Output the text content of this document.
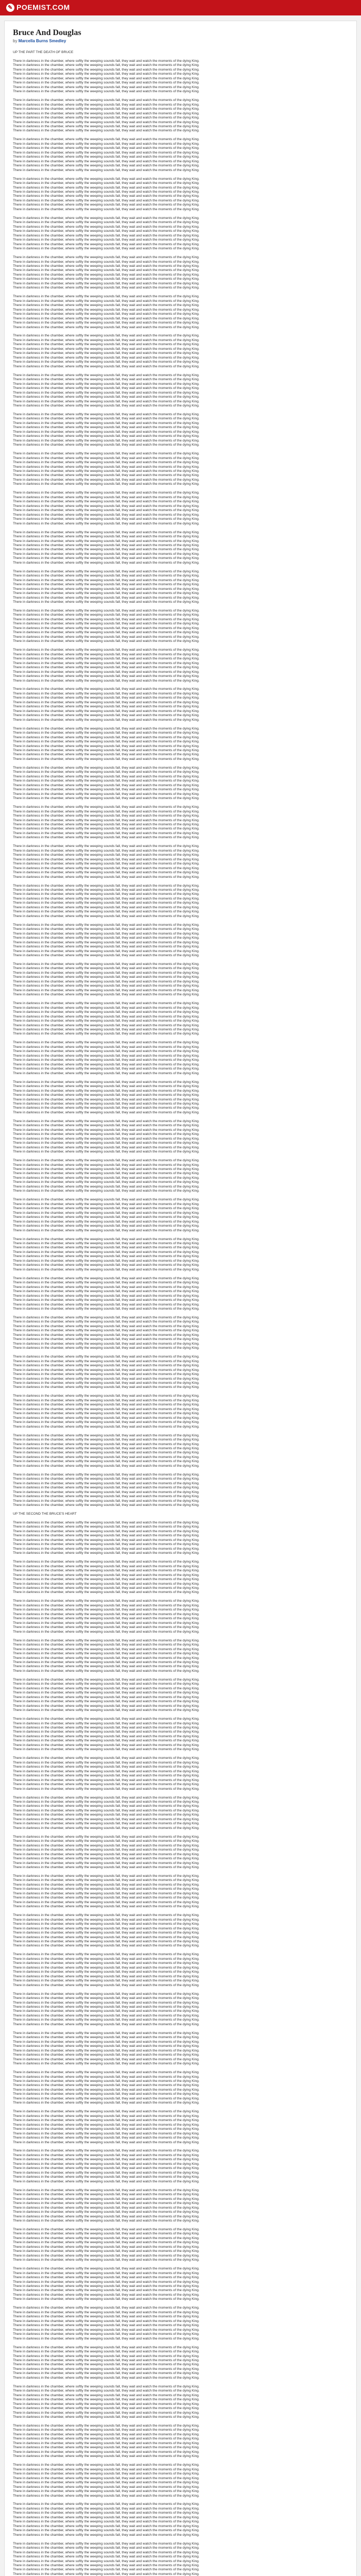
✎ POEMIST.COM
Bruce And Douglas
by Marcella Burns Smedley
UP THE PART THE DEATH OF BRUCE
There in darkness in the chamber, where softly the weeping sounds fall, they wait and watch the moments of the dying King.
There in darkness in the chamber, where softly the weeping sounds fall, they wait and watch the moments of the dying King.
There in darkness in the chamber, where softly the weeping sounds fall, they wait and watch the moments of the dying King.
There in darkness in the chamber, where softly the weeping sounds fall, they wait and watch the moments of the dying King.
There in darkness in the chamber, where softly the weeping sounds fall, they wait and watch the moments of the dying King.
There in darkness in the chamber, where softly the weeping sounds fall, they wait and watch the moments of the dying King.
There in darkness in the chamber, where softly the weeping sounds fall, they wait and watch the moments of the dying King.
There in darkness in the chamber, where softly the weeping sounds fall, they wait and watch the moments of the dying King.
There in darkness in the chamber, where softly the weeping sounds fall, they wait and watch the moments of the dying King.
There in darkness in the chamber, where softly the weeping sounds fall, they wait and watch the moments of the dying King.
There in darkness in the chamber, where softly the weeping sounds fall, they wait and watch the moments of the dying King.
There in darkness in the chamber, where softly the weeping sounds fall, they wait and watch the moments of the dying King.
There in darkness in the chamber, where softly the weeping sounds fall, they wait and watch the moments of the dying King.
There in darkness in the chamber, where softly the weeping sounds fall, they wait and watch the moments of the dying King.
There in darkness in the chamber, where softly the weeping sounds fall, they wait and watch the moments of the dying King.
There in darkness in the chamber, where softly the weeping sounds fall, they wait and watch the moments of the dying King.
There in darkness in the chamber, where softly the weeping sounds fall, they wait and watch the moments of the dying King.
There in darkness in the chamber, where softly the weeping sounds fall, they wait and watch the moments of the dying King.
There in darkness in the chamber, where softly the weeping sounds fall, they wait and watch the moments of the dying King.
There in darkness in the chamber, where softly the weeping sounds fall, they wait and watch the moments of the dying King.
There in darkness in the chamber, where softly the weeping sounds fall, they wait and watch the moments of the dying King.
There in darkness in the chamber, where softly the weeping sounds fall, they wait and watch the moments of the dying King.
There in darkness in the chamber, where softly the weeping sounds fall, they wait and watch the moments of the dying King.
There in darkness in the chamber, where softly the weeping sounds fall, they wait and watch the moments of the dying King.
There in darkness in the chamber, where softly the weeping sounds fall, they wait and watch the moments of the dying King.
There in darkness in the chamber, where softly the weeping sounds fall, they wait and watch the moments of the dying King.
There in darkness in the chamber, where softly the weeping sounds fall, they wait and watch the moments of the dying King.
There in darkness in the chamber, where softly the weeping sounds fall, they wait and watch the moments of the dying King.
There in darkness in the chamber, where softly the weeping sounds fall, they wait and watch the moments of the dying King.
There in darkness in the chamber, where softly the weeping sounds fall, they wait and watch the moments of the dying King.
There in darkness in the chamber, where softly the weeping sounds fall, they wait and watch the moments of the dying King.
There in darkness in the chamber, where softly the weeping sounds fall, they wait and watch the moments of the dying King.
There in darkness in the chamber, where softly the weeping sounds fall, they wait and watch the moments of the dying King.
There in darkness in the chamber, where softly the weeping sounds fall, they wait and watch the moments of the dying King.
There in darkness in the chamber, where softly the weeping sounds fall, they wait and watch the moments of the dying King.
There in darkness in the chamber, where softly the weeping sounds fall, they wait and watch the moments of the dying King.
There in darkness in the chamber, where softly the weeping sounds fall, they wait and watch the moments of the dying King.
There in darkness in the chamber, where softly the weeping sounds fall, they wait and watch the moments of the dying King.
There in darkness in the chamber, where softly the weeping sounds fall, they wait and watch the moments of the dying King.
There in darkness in the chamber, where softly the weeping sounds fall, they wait and watch the moments of the dying King.
There in darkness in the chamber, where softly the weeping sounds fall, they wait and watch the moments of the dying King.
There in darkness in the chamber, where softly the weeping sounds fall, they wait and watch the moments of the dying King.
There in darkness in the chamber, where softly the weeping sounds fall, they wait and watch the moments of the dying King.
There in darkness in the chamber, where softly the weeping sounds fall, they wait and watch the moments of the dying King.
There in darkness in the chamber, where softly the weeping sounds fall, they wait and watch the moments of the dying King.
There in darkness in the chamber, where softly the weeping sounds fall, they wait and watch the moments of the dying King.
There in darkness in the chamber, where softly the weeping sounds fall, they wait and watch the moments of the dying King.
There in darkness in the chamber, where softly the weeping sounds fall, they wait and watch the moments of the dying King.
There in darkness in the chamber, where softly the weeping sounds fall, they wait and watch the moments of the dying King.
There in darkness in the chamber, where softly the weeping sounds fall, they wait and watch the moments of the dying King.
There in darkness in the chamber, where softly the weeping sounds fall, they wait and watch the moments of the dying King.
There in darkness in the chamber, where softly the weeping sounds fall, they wait and watch the moments of the dying King.
There in darkness in the chamber, where softly the weeping sounds fall, they wait and watch the moments of the dying King.
There in darkness in the chamber, where softly the weeping sounds fall, they wait and watch the moments of the dying King.
There in darkness in the chamber, where softly the weeping sounds fall, they wait and watch the moments of the dying King.
There in darkness in the chamber, where softly the weeping sounds fall, they wait and watch the moments of the dying King.
There in darkness in the chamber, where softly the weeping sounds fall, they wait and watch the moments of the dying King.
There in darkness in the chamber, where softly the weeping sounds fall, they wait and watch the moments of the dying King.
There in darkness in the chamber, where softly the weeping sounds fall, they wait and watch the moments of the dying King.
There in darkness in the chamber, where softly the weeping sounds fall, they wait and watch the moments of the dying King.
There in darkness in the chamber, where softly the weeping sounds fall, they wait and watch the moments of the dying King.
There in darkness in the chamber, where softly the weeping sounds fall, they wait and watch the moments of the dying King.
There in darkness in the chamber, where softly the weeping sounds fall, they wait and watch the moments of the dying King.
There in darkness in the chamber, where softly the weeping sounds fall, they wait and watch the moments of the dying King.
There in darkness in the chamber, where softly the weeping sounds fall, they wait and watch the moments of the dying King.
There in darkness in the chamber, where softly the weeping sounds fall, they wait and watch the moments of the dying King.
There in darkness in the chamber, where softly the weeping sounds fall, they wait and watch the moments of the dying King.
There in darkness in the chamber, where softly the weeping sounds fall, they wait and watch the moments of the dying King.
There in darkness in the chamber, where softly the weeping sounds fall, they wait and watch the moments of the dying King.
There in darkness in the chamber, where softly the weeping sounds fall, they wait and watch the moments of the dying King.
There in darkness in the chamber, where softly the weeping sounds fall, they wait and watch the moments of the dying King.
There in darkness in the chamber, where softly the weeping sounds fall, they wait and watch the moments of the dying King.
There in darkness in the chamber, where softly the weeping sounds fall, they wait and watch the moments of the dying King.
There in darkness in the chamber, where softly the weeping sounds fall, they wait and watch the moments of the dying King.
There in darkness in the chamber, where softly the weeping sounds fall, they wait and watch the moments of the dying King.
There in darkness in the chamber, where softly the weeping sounds fall, they wait and watch the moments of the dying King.
There in darkness in the chamber, where softly the weeping sounds fall, they wait and watch the moments of the dying King.
There in darkness in the chamber, where softly the weeping sounds fall, they wait and watch the moments of the dying King.
There in darkness in the chamber, where softly the weeping sounds fall, they wait and watch the moments of the dying King.
There in darkness in the chamber, where softly the weeping sounds fall, they wait and watch the moments of the dying King.
There in darkness in the chamber, where softly the weeping sounds fall, they wait and watch the moments of the dying King.
There in darkness in the chamber, where softly the weeping sounds fall, they wait and watch the moments of the dying King.
There in darkness in the chamber, where softly the weeping sounds fall, they wait and watch the moments of the dying King.
There in darkness in the chamber, where softly the weeping sounds fall, they wait and watch the moments of the dying King.
There in darkness in the chamber, where softly the weeping sounds fall, they wait and watch the moments of the dying King.
There in darkness in the chamber, where softly the weeping sounds fall, they wait and watch the moments of the dying King.
There in darkness in the chamber, where softly the weeping sounds fall, they wait and watch the moments of the dying King.
There in darkness in the chamber, where softly the weeping sounds fall, they wait and watch the moments of the dying King.
There in darkness in the chamber, where softly the weeping sounds fall, they wait and watch the moments of the dying King.
There in darkness in the chamber, where softly the weeping sounds fall, they wait and watch the moments of the dying King.
There in darkness in the chamber, where softly the weeping sounds fall, they wait and watch the moments of the dying King.
There in darkness in the chamber, where softly the weeping sounds fall, they wait and watch the moments of the dying King.
There in darkness in the chamber, where softly the weeping sounds fall, they wait and watch the moments of the dying King.
There in darkness in the chamber, where softly the weeping sounds fall, they wait and watch the moments of the dying King.
There in darkness in the chamber, where softly the weeping sounds fall, they wait and watch the moments of the dying King.
There in darkness in the chamber, where softly the weeping sounds fall, they wait and watch the moments of the dying King.
There in darkness in the chamber, where softly the weeping sounds fall, they wait and watch the moments of the dying King.
There in darkness in the chamber, where softly the weeping sounds fall, they wait and watch the moments of the dying King.
There in darkness in the chamber, where softly the weeping sounds fall, they wait and watch the moments of the dying King.
There in darkness in the chamber, where softly the weeping sounds fall, they wait and watch the moments of the dying King.
There in darkness in the chamber, where softly the weeping sounds fall, they wait and watch the moments of the dying King.
There in darkness in the chamber, where softly the weeping sounds fall, they wait and watch the moments of the dying King.
There in darkness in the chamber, where softly the weeping sounds fall, they wait and watch the moments of the dying King.
There in darkness in the chamber, where softly the weeping sounds fall, they wait and watch the moments of the dying King.
There in darkness in the chamber, where softly the weeping sounds fall, they wait and watch the moments of the dying King.
There in darkness in the chamber, where softly the weeping sounds fall, they wait and watch the moments of the dying King.
There in darkness in the chamber, where softly the weeping sounds fall, they wait and watch the moments of the dying King.
There in darkness in the chamber, where softly the weeping sounds fall, they wait and watch the moments of the dying King.
There in darkness in the chamber, where softly the weeping sounds fall, they wait and watch the moments of the dying King.
There in darkness in the chamber, where softly the weeping sounds fall, they wait and watch the moments of the dying King.
There in darkness in the chamber, where softly the weeping sounds fall, they wait and watch the moments of the dying King.
There in darkness in the chamber, where softly the weeping sounds fall, they wait and watch the moments of the dying King.
There in darkness in the chamber, where softly the weeping sounds fall, they wait and watch the moments of the dying King.
There in darkness in the chamber, where softly the weeping sounds fall, they wait and watch the moments of the dying King.
There in darkness in the chamber, where softly the weeping sounds fall, they wait and watch the moments of the dying King.
There in darkness in the chamber, where softly the weeping sounds fall, they wait and watch the moments of the dying King.
There in darkness in the chamber, where softly the weeping sounds fall, they wait and watch the moments of the dying King.
There in darkness in the chamber, where softly the weeping sounds fall, they wait and watch the moments of the dying King.
There in darkness in the chamber, where softly the weeping sounds fall, they wait and watch the moments of the dying King.
There in darkness in the chamber, where softly the weeping sounds fall, they wait and watch the moments of the dying King.
There in darkness in the chamber, where softly the weeping sounds fall, they wait and watch the moments of the dying King.
There in darkness in the chamber, where softly the weeping sounds fall, they wait and watch the moments of the dying King.
There in darkness in the chamber, where softly the weeping sounds fall, they wait and watch the moments of the dying King.
There in darkness in the chamber, where softly the weeping sounds fall, they wait and watch the moments of the dying King.
There in darkness in the chamber, where softly the weeping sounds fall, they wait and watch the moments of the dying King.
There in darkness in the chamber, where softly the weeping sounds fall, they wait and watch the moments of the dying King.
There in darkness in the chamber, where softly the weeping sounds fall, they wait and watch the moments of the dying King.
There in darkness in the chamber, where softly the weeping sounds fall, they wait and watch the moments of the dying King.
There in darkness in the chamber, where softly the weeping sounds fall, they wait and watch the moments of the dying King.
There in darkness in the chamber, where softly the weeping sounds fall, they wait and watch the moments of the dying King.
There in darkness in the chamber, where softly the weeping sounds fall, they wait and watch the moments of the dying King.
There in darkness in the chamber, where softly the weeping sounds fall, they wait and watch the moments of the dying King.
There in darkness in the chamber, where softly the weeping sounds fall, they wait and watch the moments of the dying King.
There in darkness in the chamber, where softly the weeping sounds fall, they wait and watch the moments of the dying King.
There in darkness in the chamber, where softly the weeping sounds fall, they wait and watch the moments of the dying King.
There in darkness in the chamber, where softly the weeping sounds fall, they wait and watch the moments of the dying King.
There in darkness in the chamber, where softly the weeping sounds fall, they wait and watch the moments of the dying King.
There in darkness in the chamber, where softly the weeping sounds fall, they wait and watch the moments of the dying King.
There in darkness in the chamber, where softly the weeping sounds fall, they wait and watch the moments of the dying King.
There in darkness in the chamber, where softly the weeping sounds fall, they wait and watch the moments of the dying King.
There in darkness in the chamber, where softly the weeping sounds fall, they wait and watch the moments of the dying King.
There in darkness in the chamber, where softly the weeping sounds fall, they wait and watch the moments of the dying King.
There in darkness in the chamber, where softly the weeping sounds fall, they wait and watch the moments of the dying King.
There in darkness in the chamber, where softly the weeping sounds fall, they wait and watch the moments of the dying King.
There in darkness in the chamber, where softly the weeping sounds fall, they wait and watch the moments of the dying King.
There in darkness in the chamber, where softly the weeping sounds fall, they wait and watch the moments of the dying King.
There in darkness in the chamber, where softly the weeping sounds fall, they wait and watch the moments of the dying King.
There in darkness in the chamber, where softly the weeping sounds fall, they wait and watch the moments of the dying King.
There in darkness in the chamber, where softly the weeping sounds fall, they wait and watch the moments of the dying King.
There in darkness in the chamber, where softly the weeping sounds fall, they wait and watch the moments of the dying King.
There in darkness in the chamber, where softly the weeping sounds fall, they wait and watch the moments of the dying King.
There in darkness in the chamber, where softly the weeping sounds fall, they wait and watch the moments of the dying King.
There in darkness in the chamber, where softly the weeping sounds fall, they wait and watch the moments of the dying King.
There in darkness in the chamber, where softly the weeping sounds fall, they wait and watch the moments of the dying King.
There in darkness in the chamber, where softly the weeping sounds fall, they wait and watch the moments of the dying King.
There in darkness in the chamber, where softly the weeping sounds fall, they wait and watch the moments of the dying King.
There in darkness in the chamber, where softly the weeping sounds fall, they wait and watch the moments of the dying King.
There in darkness in the chamber, where softly the weeping sounds fall, they wait and watch the moments of the dying King.
There in darkness in the chamber, where softly the weeping sounds fall, they wait and watch the moments of the dying King.
There in darkness in the chamber, where softly the weeping sounds fall, they wait and watch the moments of the dying King.
There in darkness in the chamber, where softly the weeping sounds fall, they wait and watch the moments of the dying King.
There in darkness in the chamber, where softly the weeping sounds fall, they wait and watch the moments of the dying King.
There in darkness in the chamber, where softly the weeping sounds fall, they wait and watch the moments of the dying King.
There in darkness in the chamber, where softly the weeping sounds fall, they wait and watch the moments of the dying King.
There in darkness in the chamber, where softly the weeping sounds fall, they wait and watch the moments of the dying King.
There in darkness in the chamber, where softly the weeping sounds fall, they wait and watch the moments of the dying King.
There in darkness in the chamber, where softly the weeping sounds fall, they wait and watch the moments of the dying King.
There in darkness in the chamber, where softly the weeping sounds fall, they wait and watch the moments of the dying King.
There in darkness in the chamber, where softly the weeping sounds fall, they wait and watch the moments of the dying King.
There in darkness in the chamber, where softly the weeping sounds fall, they wait and watch the moments of the dying King.
There in darkness in the chamber, where softly the weeping sounds fall, they wait and watch the moments of the dying King.
There in darkness in the chamber, where softly the weeping sounds fall, they wait and watch the moments of the dying King.
There in darkness in the chamber, where softly the weeping sounds fall, they wait and watch the moments of the dying King.
There in darkness in the chamber, where softly the weeping sounds fall, they wait and watch the moments of the dying King.
There in darkness in the chamber, where softly the weeping sounds fall, they wait and watch the moments of the dying King.
There in darkness in the chamber, where softly the weeping sounds fall, they wait and watch the moments of the dying King.
There in darkness in the chamber, where softly the weeping sounds fall, they wait and watch the moments of the dying King.
There in darkness in the chamber, where softly the weeping sounds fall, they wait and watch the moments of the dying King.
There in darkness in the chamber, where softly the weeping sounds fall, they wait and watch the moments of the dying King.
There in darkness in the chamber, where softly the weeping sounds fall, they wait and watch the moments of the dying King.
There in darkness in the chamber, where softly the weeping sounds fall, they wait and watch the moments of the dying King.
There in darkness in the chamber, where softly the weeping sounds fall, they wait and watch the moments of the dying King.
There in darkness in the chamber, where softly the weeping sounds fall, they wait and watch the moments of the dying King.
There in darkness in the chamber, where softly the weeping sounds fall, they wait and watch the moments of the dying King.
There in darkness in the chamber, where softly the weeping sounds fall, they wait and watch the moments of the dying King.
There in darkness in the chamber, where softly the weeping sounds fall, they wait and watch the moments of the dying King.
There in darkness in the chamber, where softly the weeping sounds fall, they wait and watch the moments of the dying King.
There in darkness in the chamber, where softly the weeping sounds fall, they wait and watch the moments of the dying King.
There in darkness in the chamber, where softly the weeping sounds fall, they wait and watch the moments of the dying King.
There in darkness in the chamber, where softly the weeping sounds fall, they wait and watch the moments of the dying King.
There in darkness in the chamber, where softly the weeping sounds fall, they wait and watch the moments of the dying King.
There in darkness in the chamber, where softly the weeping sounds fall, they wait and watch the moments of the dying King.
There in darkness in the chamber, where softly the weeping sounds fall, they wait and watch the moments of the dying King.
There in darkness in the chamber, where softly the weeping sounds fall, they wait and watch the moments of the dying King.
There in darkness in the chamber, where softly the weeping sounds fall, they wait and watch the moments of the dying King.
There in darkness in the chamber, where softly the weeping sounds fall, they wait and watch the moments of the dying King.
There in darkness in the chamber, where softly the weeping sounds fall, they wait and watch the moments of the dying King.
There in darkness in the chamber, where softly the weeping sounds fall, they wait and watch the moments of the dying King.
There in darkness in the chamber, where softly the weeping sounds fall, they wait and watch the moments of the dying King.
There in darkness in the chamber, where softly the weeping sounds fall, they wait and watch the moments of the dying King.
There in darkness in the chamber, where softly the weeping sounds fall, they wait and watch the moments of the dying King.
There in darkness in the chamber, where softly the weeping sounds fall, they wait and watch the moments of the dying King.
There in darkness in the chamber, where softly the weeping sounds fall, they wait and watch the moments of the dying King.
There in darkness in the chamber, where softly the weeping sounds fall, they wait and watch the moments of the dying King.
There in darkness in the chamber, where softly the weeping sounds fall, they wait and watch the moments of the dying King.
There in darkness in the chamber, where softly the weeping sounds fall, they wait and watch the moments of the dying King.
There in darkness in the chamber, where softly the weeping sounds fall, they wait and watch the moments of the dying King.
There in darkness in the chamber, where softly the weeping sounds fall, they wait and watch the moments of the dying King.
There in darkness in the chamber, where softly the weeping sounds fall, they wait and watch the moments of the dying King.
There in darkness in the chamber, where softly the weeping sounds fall, they wait and watch the moments of the dying King.
There in darkness in the chamber, where softly the weeping sounds fall, they wait and watch the moments of the dying King.
There in darkness in the chamber, where softly the weeping sounds fall, they wait and watch the moments of the dying King.
There in darkness in the chamber, where softly the weeping sounds fall, they wait and watch the moments of the dying King.
There in darkness in the chamber, where softly the weeping sounds fall, they wait and watch the moments of the dying King.
There in darkness in the chamber, where softly the weeping sounds fall, they wait and watch the moments of the dying King.
There in darkness in the chamber, where softly the weeping sounds fall, they wait and watch the moments of the dying King.
There in darkness in the chamber, where softly the weeping sounds fall, they wait and watch the moments of the dying King.
There in darkness in the chamber, where softly the weeping sounds fall, they wait and watch the moments of the dying King.
There in darkness in the chamber, where softly the weeping sounds fall, they wait and watch the moments of the dying King.
There in darkness in the chamber, where softly the weeping sounds fall, they wait and watch the moments of the dying King.
There in darkness in the chamber, where softly the weeping sounds fall, they wait and watch the moments of the dying King.
There in darkness in the chamber, where softly the weeping sounds fall, they wait and watch the moments of the dying King.
There in darkness in the chamber, where softly the weeping sounds fall, they wait and watch the moments of the dying King.
There in darkness in the chamber, where softly the weeping sounds fall, they wait and watch the moments of the dying King.
There in darkness in the chamber, where softly the weeping sounds fall, they wait and watch the moments of the dying King.
There in darkness in the chamber, where softly the weeping sounds fall, they wait and watch the moments of the dying King.
There in darkness in the chamber, where softly the weeping sounds fall, they wait and watch the moments of the dying King.
There in darkness in the chamber, where softly the weeping sounds fall, they wait and watch the moments of the dying King.
There in darkness in the chamber, where softly the weeping sounds fall, they wait and watch the moments of the dying King.
There in darkness in the chamber, where softly the weeping sounds fall, they wait and watch the moments of the dying King.
There in darkness in the chamber, where softly the weeping sounds fall, they wait and watch the moments of the dying King.
There in darkness in the chamber, where softly the weeping sounds fall, they wait and watch the moments of the dying King.
There in darkness in the chamber, where softly the weeping sounds fall, they wait and watch the moments of the dying King.
There in darkness in the chamber, where softly the weeping sounds fall, they wait and watch the moments of the dying King.
There in darkness in the chamber, where softly the weeping sounds fall, they wait and watch the moments of the dying King.
There in darkness in the chamber, where softly the weeping sounds fall, they wait and watch the moments of the dying King.
There in darkness in the chamber, where softly the weeping sounds fall, they wait and watch the moments of the dying King.
There in darkness in the chamber, where softly the weeping sounds fall, they wait and watch the moments of the dying King.
There in darkness in the chamber, where softly the weeping sounds fall, they wait and watch the moments of the dying King.
There in darkness in the chamber, where softly the weeping sounds fall, they wait and watch the moments of the dying King.
There in darkness in the chamber, where softly the weeping sounds fall, they wait and watch the moments of the dying King.
There in darkness in the chamber, where softly the weeping sounds fall, they wait and watch the moments of the dying King.
There in darkness in the chamber, where softly the weeping sounds fall, they wait and watch the moments of the dying King.
There in darkness in the chamber, where softly the weeping sounds fall, they wait and watch the moments of the dying King.
There in darkness in the chamber, where softly the weeping sounds fall, they wait and watch the moments of the dying King.
There in darkness in the chamber, where softly the weeping sounds fall, they wait and watch the moments of the dying King.
There in darkness in the chamber, where softly the weeping sounds fall, they wait and watch the moments of the dying King.
There in darkness in the chamber, where softly the weeping sounds fall, they wait and watch the moments of the dying King.
There in darkness in the chamber, where softly the weeping sounds fall, they wait and watch the moments of the dying King.
There in darkness in the chamber, where softly the weeping sounds fall, they wait and watch the moments of the dying King.
There in darkness in the chamber, where softly the weeping sounds fall, they wait and watch the moments of the dying King.
There in darkness in the chamber, where softly the weeping sounds fall, they wait and watch the moments of the dying King.
There in darkness in the chamber, where softly the weeping sounds fall, they wait and watch the moments of the dying King.
There in darkness in the chamber, where softly the weeping sounds fall, they wait and watch the moments of the dying King.
There in darkness in the chamber, where softly the weeping sounds fall, they wait and watch the moments of the dying King.
There in darkness in the chamber, where softly the weeping sounds fall, they wait and watch the moments of the dying King.
There in darkness in the chamber, where softly the weeping sounds fall, they wait and watch the moments of the dying King.
There in darkness in the chamber, where softly the weeping sounds fall, they wait and watch the moments of the dying King.
There in darkness in the chamber, where softly the weeping sounds fall, they wait and watch the moments of the dying King.
There in darkness in the chamber, where softly the weeping sounds fall, they wait and watch the moments of the dying King.
There in darkness in the chamber, where softly the weeping sounds fall, they wait and watch the moments of the dying King.
There in darkness in the chamber, where softly the weeping sounds fall, they wait and watch the moments of the dying King.
There in darkness in the chamber, where softly the weeping sounds fall, they wait and watch the moments of the dying King.
There in darkness in the chamber, where softly the weeping sounds fall, they wait and watch the moments of the dying King.
There in darkness in the chamber, where softly the weeping sounds fall, they wait and watch the moments of the dying King.
There in darkness in the chamber, where softly the weeping sounds fall, they wait and watch the moments of the dying King.
There in darkness in the chamber, where softly the weeping sounds fall, they wait and watch the moments of the dying King.
There in darkness in the chamber, where softly the weeping sounds fall, they wait and watch the moments of the dying King.
There in darkness in the chamber, where softly the weeping sounds fall, they wait and watch the moments of the dying King.
There in darkness in the chamber, where softly the weeping sounds fall, they wait and watch the moments of the dying King.
There in darkness in the chamber, where softly the weeping sounds fall, they wait and watch the moments of the dying King.
There in darkness in the chamber, where softly the weeping sounds fall, they wait and watch the moments of the dying King.
There in darkness in the chamber, where softly the weeping sounds fall, they wait and watch the moments of the dying King.
There in darkness in the chamber, where softly the weeping sounds fall, they wait and watch the moments of the dying King.
There in darkness in the chamber, where softly the weeping sounds fall, they wait and watch the moments of the dying King.
There in darkness in the chamber, where softly the weeping sounds fall, they wait and watch the moments of the dying King.
There in darkness in the chamber, where softly the weeping sounds fall, they wait and watch the moments of the dying King.
There in darkness in the chamber, where softly the weeping sounds fall, they wait and watch the moments of the dying King.
There in darkness in the chamber, where softly the weeping sounds fall, they wait and watch the moments of the dying King.
There in darkness in the chamber, where softly the weeping sounds fall, they wait and watch the moments of the dying King.
There in darkness in the chamber, where softly the weeping sounds fall, they wait and watch the moments of the dying King.
There in darkness in the chamber, where softly the weeping sounds fall, they wait and watch the moments of the dying King.
There in darkness in the chamber, where softly the weeping sounds fall, they wait and watch the moments of the dying King.
There in darkness in the chamber, where softly the weeping sounds fall, they wait and watch the moments of the dying King.
There in darkness in the chamber, where softly the weeping sounds fall, they wait and watch the moments of the dying King.
There in darkness in the chamber, where softly the weeping sounds fall, they wait and watch the moments of the dying King.
There in darkness in the chamber, where softly the weeping sounds fall, they wait and watch the moments of the dying King.
There in darkness in the chamber, where softly the weeping sounds fall, they wait and watch the moments of the dying King.
There in darkness in the chamber, where softly the weeping sounds fall, they wait and watch the moments of the dying King.
There in darkness in the chamber, where softly the weeping sounds fall, they wait and watch the moments of the dying King.
There in darkness in the chamber, where softly the weeping sounds fall, they wait and watch the moments of the dying King.
There in darkness in the chamber, where softly the weeping sounds fall, they wait and watch the moments of the dying King.
There in darkness in the chamber, where softly the weeping sounds fall, they wait and watch the moments of the dying King.
There in darkness in the chamber, where softly the weeping sounds fall, they wait and watch the moments of the dying King.
There in darkness in the chamber, where softly the weeping sounds fall, they wait and watch the moments of the dying King.
There in darkness in the chamber, where softly the weeping sounds fall, they wait and watch the moments of the dying King.
UP THE SECOND THE BRUCE'S HEART
There in darkness in the chamber, where softly the weeping sounds fall, they wait and watch the moments of the dying King.
There in darkness in the chamber, where softly the weeping sounds fall, they wait and watch the moments of the dying King.
There in darkness in the chamber, where softly the weeping sounds fall, they wait and watch the moments of the dying King.
There in darkness in the chamber, where softly the weeping sounds fall, they wait and watch the moments of the dying King.
There in darkness in the chamber, where softly the weeping sounds fall, they wait and watch the moments of the dying King.
There in darkness in the chamber, where softly the weeping sounds fall, they wait and watch the moments of the dying King.
There in darkness in the chamber, where softly the weeping sounds fall, they wait and watch the moments of the dying King.
There in darkness in the chamber, where softly the weeping sounds fall, they wait and watch the moments of the dying King.
There in darkness in the chamber, where softly the weeping sounds fall, they wait and watch the moments of the dying King.
There in darkness in the chamber, where softly the weeping sounds fall, they wait and watch the moments of the dying King.
There in darkness in the chamber, where softly the weeping sounds fall, they wait and watch the moments of the dying King.
There in darkness in the chamber, where softly the weeping sounds fall, they wait and watch the moments of the dying King.
There in darkness in the chamber, where softly the weeping sounds fall, they wait and watch the moments of the dying King.
There in darkness in the chamber, where softly the weeping sounds fall, they wait and watch the moments of the dying King.
There in darkness in the chamber, where softly the weeping sounds fall, they wait and watch the moments of the dying King.
There in darkness in the chamber, where softly the weeping sounds fall, they wait and watch the moments of the dying King.
There in darkness in the chamber, where softly the weeping sounds fall, they wait and watch the moments of the dying King.
There in darkness in the chamber, where softly the weeping sounds fall, they wait and watch the moments of the dying King.
There in darkness in the chamber, where softly the weeping sounds fall, they wait and watch the moments of the dying King.
There in darkness in the chamber, where softly the weeping sounds fall, they wait and watch the moments of the dying King.
There in darkness in the chamber, where softly the weeping sounds fall, they wait and watch the moments of the dying King.
There in darkness in the chamber, where softly the weeping sounds fall, they wait and watch the moments of the dying King.
There in darkness in the chamber, where softly the weeping sounds fall, they wait and watch the moments of the dying King.
There in darkness in the chamber, where softly the weeping sounds fall, they wait and watch the moments of the dying King.
There in darkness in the chamber, where softly the weeping sounds fall, they wait and watch the moments of the dying King.
There in darkness in the chamber, where softly the weeping sounds fall, they wait and watch the moments of the dying King.
There in darkness in the chamber, where softly the weeping sounds fall, they wait and watch the moments of the dying King.
There in darkness in the chamber, where softly the weeping sounds fall, they wait and watch the moments of the dying King.
There in darkness in the chamber, where softly the weeping sounds fall, they wait and watch the moments of the dying King.
There in darkness in the chamber, where softly the weeping sounds fall, they wait and watch the moments of the dying King.
There in darkness in the chamber, where softly the weeping sounds fall, they wait and watch the moments of the dying King.
There in darkness in the chamber, where softly the weeping sounds fall, they wait and watch the moments of the dying King.
There in darkness in the chamber, where softly the weeping sounds fall, they wait and watch the moments of the dying King.
There in darkness in the chamber, where softly the weeping sounds fall, they wait and watch the moments of the dying King.
There in darkness in the chamber, where softly the weeping sounds fall, they wait and watch the moments of the dying King.
There in darkness in the chamber, where softly the weeping sounds fall, they wait and watch the moments of the dying King.
There in darkness in the chamber, where softly the weeping sounds fall, they wait and watch the moments of the dying King.
There in darkness in the chamber, where softly the weeping sounds fall, they wait and watch the moments of the dying King.
There in darkness in the chamber, where softly the weeping sounds fall, they wait and watch the moments of the dying King.
There in darkness in the chamber, where softly the weeping sounds fall, they wait and watch the moments of the dying King.
There in darkness in the chamber, where softly the weeping sounds fall, they wait and watch the moments of the dying King.
There in darkness in the chamber, where softly the weeping sounds fall, they wait and watch the moments of the dying King.
There in darkness in the chamber, where softly the weeping sounds fall, they wait and watch the moments of the dying King.
There in darkness in the chamber, where softly the weeping sounds fall, they wait and watch the moments of the dying King.
There in darkness in the chamber, where softly the weeping sounds fall, they wait and watch the moments of the dying King.
There in darkness in the chamber, where softly the weeping sounds fall, they wait and watch the moments of the dying King.
There in darkness in the chamber, where softly the weeping sounds fall, they wait and watch the moments of the dying King.
There in darkness in the chamber, where softly the weeping sounds fall, they wait and watch the moments of the dying King.
There in darkness in the chamber, where softly the weeping sounds fall, they wait and watch the moments of the dying King.
There in darkness in the chamber, where softly the weeping sounds fall, they wait and watch the moments of the dying King.
There in darkness in the chamber, where softly the weeping sounds fall, they wait and watch the moments of the dying King.
There in darkness in the chamber, where softly the weeping sounds fall, they wait and watch the moments of the dying King.
There in darkness in the chamber, where softly the weeping sounds fall, they wait and watch the moments of the dying King.
There in darkness in the chamber, where softly the weeping sounds fall, they wait and watch the moments of the dying King.
There in darkness in the chamber, where softly the weeping sounds fall, they wait and watch the moments of the dying King.
There in darkness in the chamber, where softly the weeping sounds fall, they wait and watch the moments of the dying King.
There in darkness in the chamber, where softly the weeping sounds fall, they wait and watch the moments of the dying King.
There in darkness in the chamber, where softly the weeping sounds fall, they wait and watch the moments of the dying King.
There in darkness in the chamber, where softly the weeping sounds fall, they wait and watch the moments of the dying King.
There in darkness in the chamber, where softly the weeping sounds fall, they wait and watch the moments of the dying King.
There in darkness in the chamber, where softly the weeping sounds fall, they wait and watch the moments of the dying King.
There in darkness in the chamber, where softly the weeping sounds fall, they wait and watch the moments of the dying King.
There in darkness in the chamber, where softly the weeping sounds fall, they wait and watch the moments of the dying King.
There in darkness in the chamber, where softly the weeping sounds fall, they wait and watch the moments of the dying King.
There in darkness in the chamber, where softly the weeping sounds fall, they wait and watch the moments of the dying King.
There in darkness in the chamber, where softly the weeping sounds fall, they wait and watch the moments of the dying King.
There in darkness in the chamber, where softly the weeping sounds fall, they wait and watch the moments of the dying King.
There in darkness in the chamber, where softly the weeping sounds fall, they wait and watch the moments of the dying King.
There in darkness in the chamber, where softly the weeping sounds fall, they wait and watch the moments of the dying King.
There in darkness in the chamber, where softly the weeping sounds fall, they wait and watch the moments of the dying King.
There in darkness in the chamber, where softly the weeping sounds fall, they wait and watch the moments of the dying King.
There in darkness in the chamber, where softly the weeping sounds fall, they wait and watch the moments of the dying King.
There in darkness in the chamber, where softly the weeping sounds fall, they wait and watch the moments of the dying King.
There in darkness in the chamber, where softly the weeping sounds fall, they wait and watch the moments of the dying King.
There in darkness in the chamber, where softly the weeping sounds fall, they wait and watch the moments of the dying King.
There in darkness in the chamber, where softly the weeping sounds fall, they wait and watch the moments of the dying King.
There in darkness in the chamber, where softly the weeping sounds fall, they wait and watch the moments of the dying King.
There in darkness in the chamber, where softly the weeping sounds fall, they wait and watch the moments of the dying King.
There in darkness in the chamber, where softly the weeping sounds fall, they wait and watch the moments of the dying King.
There in darkness in the chamber, where softly the weeping sounds fall, they wait and watch the moments of the dying King.
There in darkness in the chamber, where softly the weeping sounds fall, they wait and watch the moments of the dying King.
There in darkness in the chamber, where softly the weeping sounds fall, they wait and watch the moments of the dying King.
There in darkness in the chamber, where softly the weeping sounds fall, they wait and watch the moments of the dying King.
There in darkness in the chamber, where softly the weeping sounds fall, they wait and watch the moments of the dying King.
There in darkness in the chamber, where softly the weeping sounds fall, they wait and watch the moments of the dying King.
There in darkness in the chamber, where softly the weeping sounds fall, they wait and watch the moments of the dying King.
There in darkness in the chamber, where softly the weeping sounds fall, they wait and watch the moments of the dying King.
There in darkness in the chamber, where softly the weeping sounds fall, they wait and watch the moments of the dying King.
There in darkness in the chamber, where softly the weeping sounds fall, they wait and watch the moments of the dying King.
There in darkness in the chamber, where softly the weeping sounds fall, they wait and watch the moments of the dying King.
There in darkness in the chamber, where softly the weeping sounds fall, they wait and watch the moments of the dying King.
There in darkness in the chamber, where softly the weeping sounds fall, they wait and watch the moments of the dying King.
There in darkness in the chamber, where softly the weeping sounds fall, they wait and watch the moments of the dying King.
There in darkness in the chamber, where softly the weeping sounds fall, they wait and watch the moments of the dying King.
There in darkness in the chamber, where softly the weeping sounds fall, they wait and watch the moments of the dying King.
There in darkness in the chamber, where softly the weeping sounds fall, they wait and watch the moments of the dying King.
There in darkness in the chamber, where softly the weeping sounds fall, they wait and watch the moments of the dying King.
There in darkness in the chamber, where softly the weeping sounds fall, they wait and watch the moments of the dying King.
There in darkness in the chamber, where softly the weeping sounds fall, they wait and watch the moments of the dying King.
There in darkness in the chamber, where softly the weeping sounds fall, they wait and watch the moments of the dying King.
There in darkness in the chamber, where softly the weeping sounds fall, they wait and watch the moments of the dying King.
There in darkness in the chamber, where softly the weeping sounds fall, they wait and watch the moments of the dying King.
There in darkness in the chamber, where softly the weeping sounds fall, they wait and watch the moments of the dying King.
There in darkness in the chamber, where softly the weeping sounds fall, they wait and watch the moments of the dying King.
There in darkness in the chamber, where softly the weeping sounds fall, they wait and watch the moments of the dying King.
There in darkness in the chamber, where softly the weeping sounds fall, they wait and watch the moments of the dying King.
There in darkness in the chamber, where softly the weeping sounds fall, they wait and watch the moments of the dying King.
There in darkness in the chamber, where softly the weeping sounds fall, they wait and watch the moments of the dying King.
There in darkness in the chamber, where softly the weeping sounds fall, they wait and watch the moments of the dying King.
There in darkness in the chamber, where softly the weeping sounds fall, they wait and watch the moments of the dying King.
There in darkness in the chamber, where softly the weeping sounds fall, they wait and watch the moments of the dying King.
There in darkness in the chamber, where softly the weeping sounds fall, they wait and watch the moments of the dying King.
There in darkness in the chamber, where softly the weeping sounds fall, they wait and watch the moments of the dying King.
There in darkness in the chamber, where softly the weeping sounds fall, they wait and watch the moments of the dying King.
There in darkness in the chamber, where softly the weeping sounds fall, they wait and watch the moments of the dying King.
There in darkness in the chamber, where softly the weeping sounds fall, they wait and watch the moments of the dying King.
There in darkness in the chamber, where softly the weeping sounds fall, they wait and watch the moments of the dying King.
There in darkness in the chamber, where softly the weeping sounds fall, they wait and watch the moments of the dying King.
There in darkness in the chamber, where softly the weeping sounds fall, they wait and watch the moments of the dying King.
There in darkness in the chamber, where softly the weeping sounds fall, they wait and watch the moments of the dying King.
There in darkness in the chamber, where softly the weeping sounds fall, they wait and watch the moments of the dying King.
There in darkness in the chamber, where softly the weeping sounds fall, they wait and watch the moments of the dying King.
There in darkness in the chamber, where softly the weeping sounds fall, they wait and watch the moments of the dying King.
There in darkness in the chamber, where softly the weeping sounds fall, they wait and watch the moments of the dying King.
There in darkness in the chamber, where softly the weeping sounds fall, they wait and watch the moments of the dying King.
There in darkness in the chamber, where softly the weeping sounds fall, they wait and watch the moments of the dying King.
There in darkness in the chamber, where softly the weeping sounds fall, they wait and watch the moments of the dying King.
There in darkness in the chamber, where softly the weeping sounds fall, they wait and watch the moments of the dying King.
There in darkness in the chamber, where softly the weeping sounds fall, they wait and watch the moments of the dying King.
There in darkness in the chamber, where softly the weeping sounds fall, they wait and watch the moments of the dying King.
There in darkness in the chamber, where softly the weeping sounds fall, they wait and watch the moments of the dying King.
There in darkness in the chamber, where softly the weeping sounds fall, they wait and watch the moments of the dying King.
There in darkness in the chamber, where softly the weeping sounds fall, they wait and watch the moments of the dying King.
There in darkness in the chamber, where softly the weeping sounds fall, they wait and watch the moments of the dying King.
There in darkness in the chamber, where softly the weeping sounds fall, they wait and watch the moments of the dying King.
There in darkness in the chamber, where softly the weeping sounds fall, they wait and watch the moments of the dying King.
There in darkness in the chamber, where softly the weeping sounds fall, they wait and watch the moments of the dying King.
There in darkness in the chamber, where softly the weeping sounds fall, they wait and watch the moments of the dying King.
There in darkness in the chamber, where softly the weeping sounds fall, they wait and watch the moments of the dying King.
There in darkness in the chamber, where softly the weeping sounds fall, they wait and watch the moments of the dying King.
There in darkness in the chamber, where softly the weeping sounds fall, they wait and watch the moments of the dying King.
There in darkness in the chamber, where softly the weeping sounds fall, they wait and watch the moments of the dying King.
There in darkness in the chamber, where softly the weeping sounds fall, they wait and watch the moments of the dying King.
There in darkness in the chamber, where softly the weeping sounds fall, they wait and watch the moments of the dying King.
There in darkness in the chamber, where softly the weeping sounds fall, they wait and watch the moments of the dying King.
There in darkness in the chamber, where softly the weeping sounds fall, they wait and watch the moments of the dying King.
There in darkness in the chamber, where softly the weeping sounds fall, they wait and watch the moments of the dying King.
There in darkness in the chamber, where softly the weeping sounds fall, they wait and watch the moments of the dying King.
There in darkness in the chamber, where softly the weeping sounds fall, they wait and watch the moments of the dying King.
There in darkness in the chamber, where softly the weeping sounds fall, they wait and watch the moments of the dying King.
There in darkness in the chamber, where softly the weeping sounds fall, they wait and watch the moments of the dying King.
There in darkness in the chamber, where softly the weeping sounds fall, they wait and watch the moments of the dying King.
There in darkness in the chamber, where softly the weeping sounds fall, they wait and watch the moments of the dying King.
There in darkness in the chamber, where softly the weeping sounds fall, they wait and watch the moments of the dying King.
There in darkness in the chamber, where softly the weeping sounds fall, they wait and watch the moments of the dying King.
There in darkness in the chamber, where softly the weeping sounds fall, they wait and watch the moments of the dying King.
There in darkness in the chamber, where softly the weeping sounds fall, they wait and watch the moments of the dying King.
There in darkness in the chamber, where softly the weeping sounds fall, they wait and watch the moments of the dying King.
There in darkness in the chamber, where softly the weeping sounds fall, they wait and watch the moments of the dying King.
There in darkness in the chamber, where softly the weeping sounds fall, they wait and watch the moments of the dying King.
There in darkness in the chamber, where softly the weeping sounds fall, they wait and watch the moments of the dying King.
There in darkness in the chamber, where softly the weeping sounds fall, they wait and watch the moments of the dying King.
There in darkness in the chamber, where softly the weeping sounds fall, they wait and watch the moments of the dying King.
There in darkness in the chamber, where softly the weeping sounds fall, they wait and watch the moments of the dying King.
There in darkness in the chamber, where softly the weeping sounds fall, they wait and watch the moments of the dying King.
There in darkness in the chamber, where softly the weeping sounds fall, they wait and watch the moments of the dying King.
There in darkness in the chamber, where softly the weeping sounds fall, they wait and watch the moments of the dying King.
There in darkness in the chamber, where softly the weeping sounds fall, they wait and watch the moments of the dying King.
There in darkness in the chamber, where softly the weeping sounds fall, they wait and watch the moments of the dying King.
There in darkness in the chamber, where softly the weeping sounds fall, they wait and watch the moments of the dying King.
There in darkness in the chamber, where softly the weeping sounds fall, they wait and watch the moments of the dying King.
There in darkness in the chamber, where softly the weeping sounds fall, they wait and watch the moments of the dying King.
There in darkness in the chamber, where softly the weeping sounds fall, they wait and watch the moments of the dying King.
There in darkness in the chamber, where softly the weeping sounds fall, they wait and watch the moments of the dying King.
There in darkness in the chamber, where softly the weeping sounds fall, they wait and watch the moments of the dying King.
There in darkness in the chamber, where softly the weeping sounds fall, they wait and watch the moments of the dying King.
There in darkness in the chamber, where softly the weeping sounds fall, they wait and watch the moments of the dying King.
There in darkness in the chamber, where softly the weeping sounds fall, they wait and watch the moments of the dying King.
There in darkness in the chamber, where softly the weeping sounds fall, they wait and watch the moments of the dying King.
There in darkness in the chamber, where softly the weeping sounds fall, they wait and watch the moments of the dying King.
There in darkness in the chamber, where softly the weeping sounds fall, they wait and watch the moments of the dying King.
There in darkness in the chamber, where softly the weeping sounds fall, they wait and watch the moments of the dying King.
There in darkness in the chamber, where softly the weeping sounds fall, they wait and watch the moments of the dying King.
There in darkness in the chamber, where softly the weeping sounds fall, they wait and watch the moments of the dying King.
There in darkness in the chamber, where softly the weeping sounds fall, they wait and watch the moments of the dying King.
There in darkness in the chamber, where softly the weeping sounds fall, they wait and watch the moments of the dying King.
There in darkness in the chamber, where softly the weeping sounds fall, they wait and watch the moments of the dying King.
There in darkness in the chamber, where softly the weeping sounds fall, they wait and watch the moments of the dying King.
There in darkness in the chamber, where softly the weeping sounds fall, they wait and watch the moments of the dying King.
There in darkness in the chamber, where softly the weeping sounds fall, they wait and watch the moments of the dying King.
There in darkness in the chamber, where softly the weeping sounds fall, they wait and watch the moments of the dying King.
There in darkness in the chamber, where softly the weeping sounds fall, they wait and watch the moments of the dying King.
There in darkness in the chamber, where softly the weeping sounds fall, they wait and watch the moments of the dying King.
There in darkness in the chamber, where softly the weeping sounds fall, they wait and watch the moments of the dying King.
There in darkness in the chamber, where softly the weeping sounds fall, they wait and watch the moments of the dying King.
There in darkness in the chamber, where softly the weeping sounds fall, they wait and watch the moments of the dying King.
There in darkness in the chamber, where softly the weeping sounds fall, they wait and watch the moments of the dying King.
There in darkness in the chamber, where softly the weeping sounds fall, they wait and watch the moments of the dying King.
There in darkness in the chamber, where softly the weeping sounds fall, they wait and watch the moments of the dying King.
There in darkness in the chamber, where softly the weeping sounds fall, they wait and watch the moments of the dying King.
There in darkness in the chamber, where softly the weeping sounds fall, they wait and watch the moments of the dying King.
There in darkness in the chamber, where softly the weeping sounds fall, they wait and watch the moments of the dying King.
There in darkness in the chamber, where softly the weeping sounds fall, they wait and watch the moments of the dying King.
There in darkness in the chamber, where softly the weeping sounds fall, they wait and watch the moments of the dying King.
There in darkness in the chamber, where softly the weeping sounds fall, they wait and watch the moments of the dying King.
There in darkness in the chamber, where softly the weeping sounds fall, they wait and watch the moments of the dying King.
There in darkness in the chamber, where softly the weeping sounds fall, they wait and watch the moments of the dying King.
There in darkness in the chamber, where softly the weeping sounds fall, they wait and watch the moments of the dying King.
There in darkness in the chamber, where softly the weeping sounds fall, they wait and watch the moments of the dying King.
There in darkness in the chamber, where softly the weeping sounds fall, they wait and watch the moments of the dying King.
There in darkness in the chamber, where softly the weeping sounds fall, they wait and watch the moments of the dying King.
There in darkness in the chamber, where softly the weeping sounds fall, they wait and watch the moments of the dying King.
There in darkness in the chamber, where softly the weeping sounds fall, they wait and watch the moments of the dying King.
There in darkness in the chamber, where softly the weeping sounds fall, they wait and watch the moments of the dying King.
There in darkness in the chamber, where softly the weeping sounds fall, they wait and watch the moments of the dying King.
There in darkness in the chamber, where softly the weeping sounds fall, they wait and watch the moments of the dying King.
